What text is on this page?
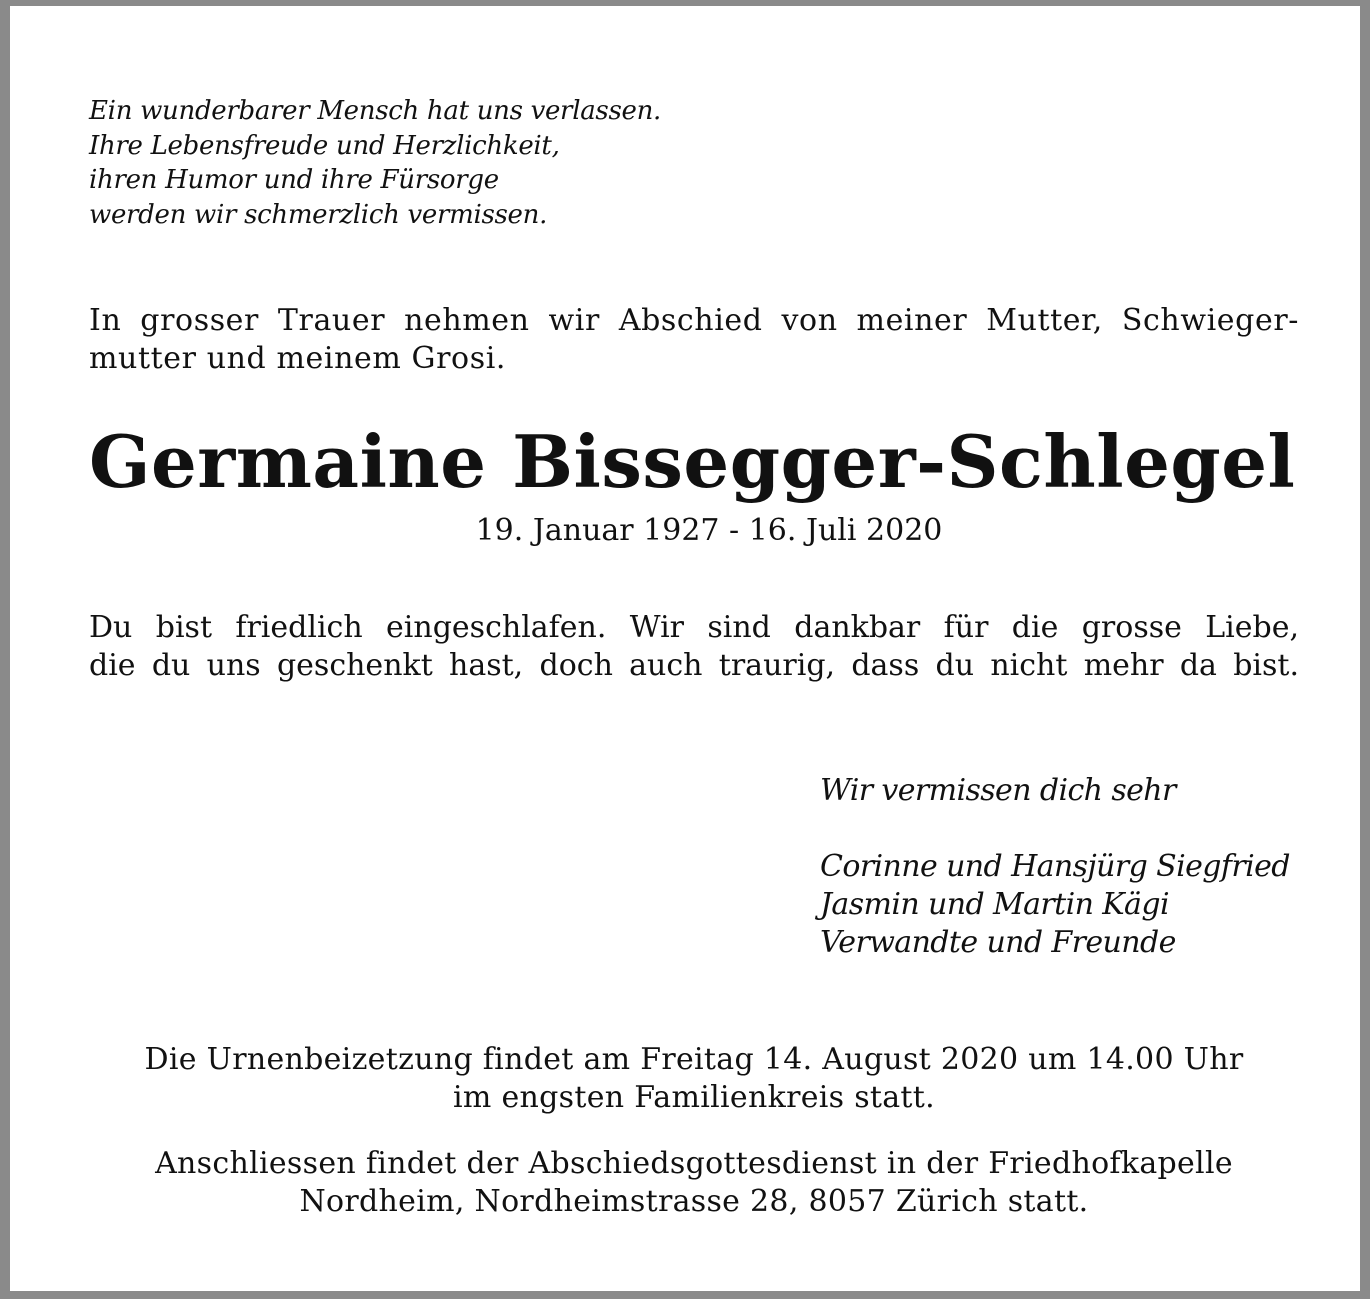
Ein wunderbarer Mensch hat uns verlassen.
Ihre Lebensfreude und Herzlichkeit,
ihren Humor und ihre Fürsorge
werden wir schmerzlich vermissen.

In grosser Trauer nehmen wir Abschied von meiner Mutter, Schwieger-
mutter und meinem Grosi.

Germaine Bissegger-Schlegel

19. Januar 1927 - 16. Juli 2020

Du bist friedlich eingeschlafen. Wir sind dankbar für die grosse Liebe,
die du uns geschenkt hast, doch auch traurig, dass du nicht mehr da bist.

Wir vermissen dich sehr
Corinne und Hansjürg Siegfried
Jasmin und Martin Kägi
Verwandte und Freunde

Die Urnenbeizetzung findet am Freitag 14. August 2020 um 14.00 Uhr
im engsten Familienkreis statt.
Anschliessen findet der Abschiedsgottesdienst in der Friedhofkapelle
Nordheim, Nordheimstrasse 28, 8057 Zürich statt.
